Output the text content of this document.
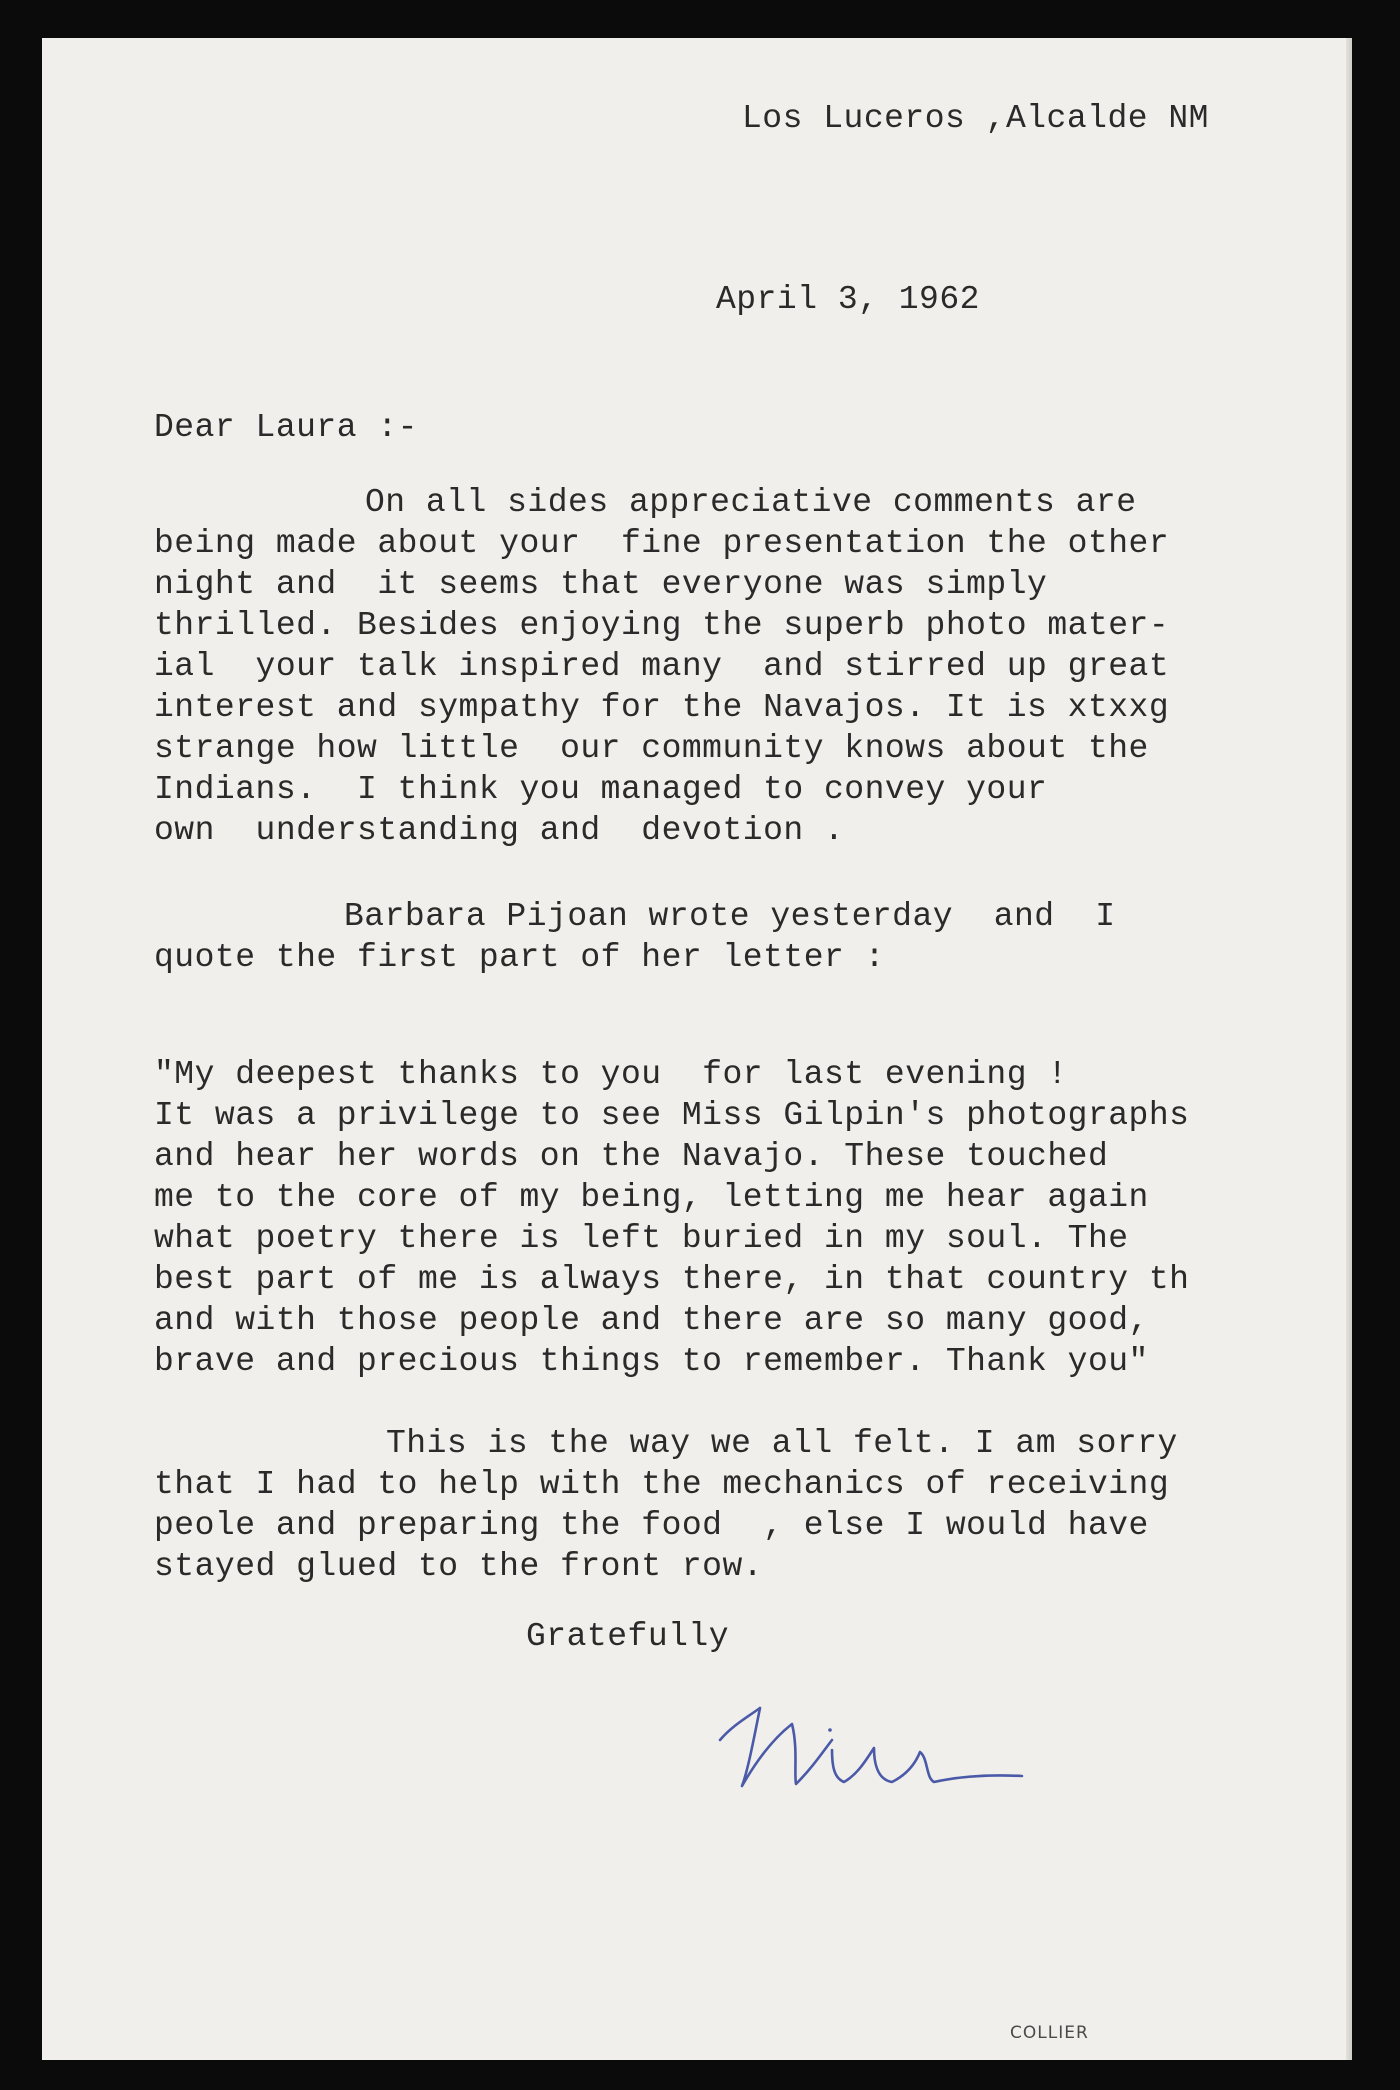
Los Luceros ,Alcalde NM
April 3, 1962
Dear Laura :-
On all sides appreciative comments are
being made about your  fine presentation the other
night and  it seems that everyone was simply
thrilled. Besides enjoying the superb photo mater-
ial  your talk inspired many  and stirred up great
interest and sympathy for the Navajos. It is xtxxg
strange how little  our community knows about the
Indians.  I think you managed to convey your
own  understanding and  devotion .
Barbara Pijoan wrote yesterday  and  I
quote the first part of her letter :
"My deepest thanks to you  for last evening !
It was a privilege to see Miss Gilpin's photographs
and hear her words on the Navajo. These touched
me to the core of my being, letting me hear again
what poetry there is left buried in my soul. The
best part of me is always there, in that country th
and with those people and there are so many good,
brave and precious things to remember. Thank you"
This is the way we all felt. I am sorry
that I had to help with the mechanics of receiving
peole and preparing the food  , else I would have
stayed glued to the front row.
Gratefully
COLLIER
